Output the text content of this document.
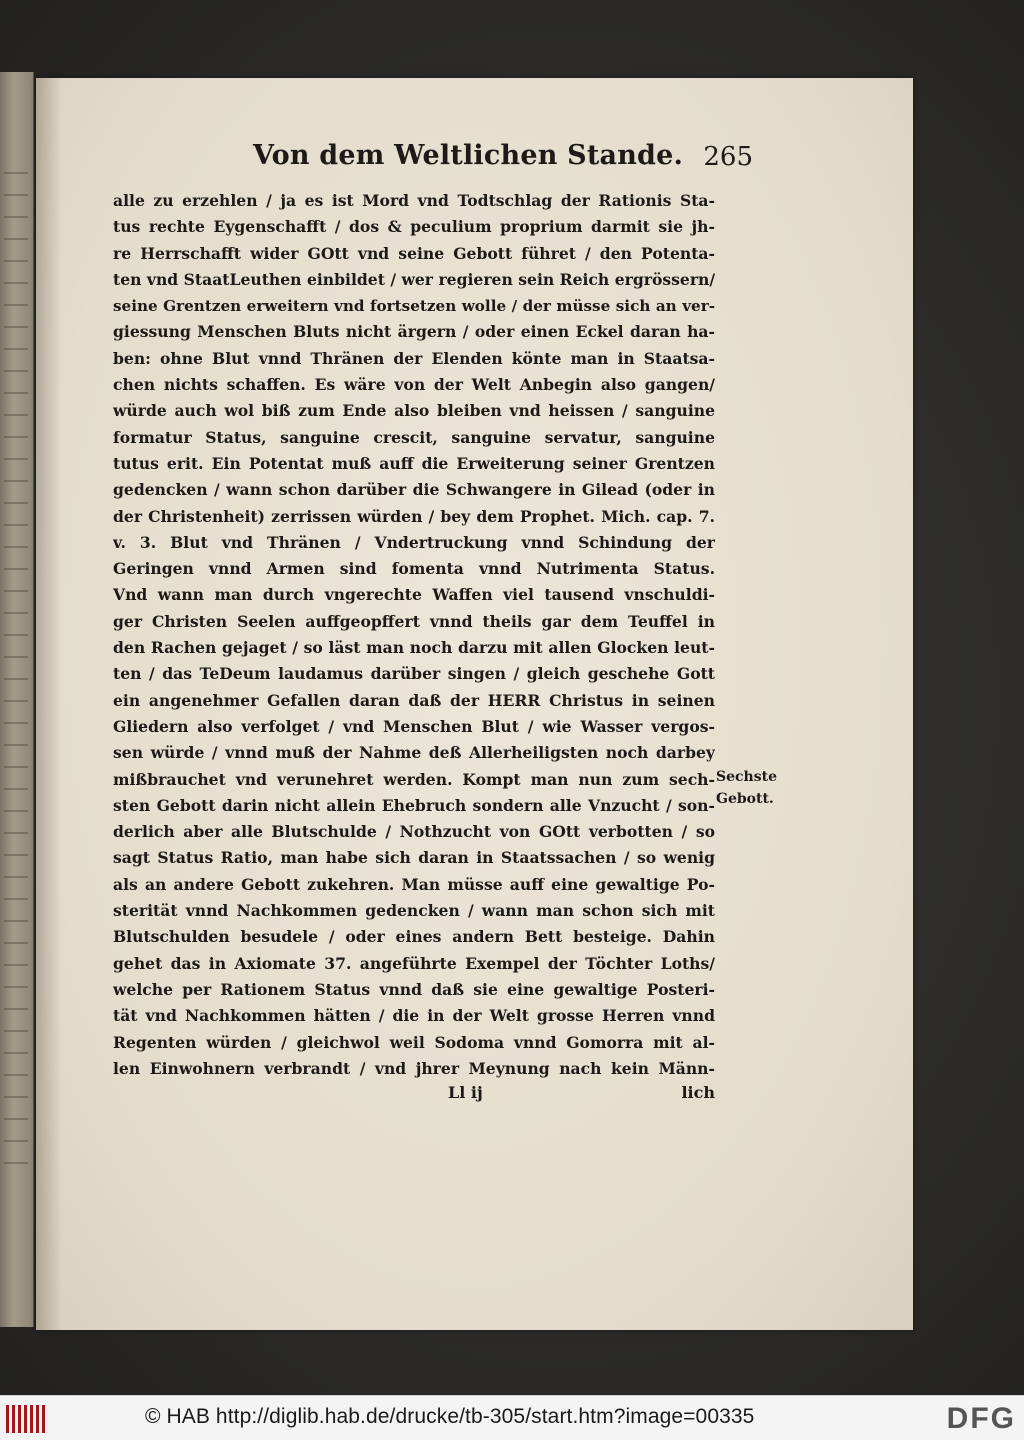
Von dem Weltlichen Stande. 265
alle zu erzehlen / ja es ist Mord vnd Todtschlag der Rationis Sta-
tus rechte Eygenschafft / dos & peculium proprium darmit sie jh-
re Herrschafft wider GOtt vnd seine Gebott führet / den Potenta-
ten vnd StaatLeuthen einbildet / wer regieren sein Reich ergrössern/
seine Grentzen erweitern vnd fortsetzen wolle / der müsse sich an ver-
giessung Menschen Bluts nicht ärgern / oder einen Eckel daran ha-
ben: ohne Blut vnnd Thränen der Elenden könte man in Staatsa-
chen nichts schaffen. Es wäre von der Welt Anbegin also gangen/
würde auch wol biß zum Ende also bleiben vnd heissen / sanguine
formatur Status, sanguine crescit, sanguine servatur, sanguine
tutus erit. Ein Potentat muß auff die Erweiterung seiner Grentzen
gedencken / wann schon darüber die Schwangere in Gilead (oder in
der Christenheit) zerrissen würden / bey dem Prophet. Mich. cap. 7.
v. 3. Blut vnd Thränen / Vndertruckung vnnd Schindung der
Geringen vnnd Armen sind fomenta vnnd Nutrimenta Status.
Vnd wann man durch vngerechte Waffen viel tausend vnschuldi-
ger Christen Seelen auffgeopffert vnnd theils gar dem Teuffel in
den Rachen gejaget / so läst man noch darzu mit allen Glocken leut-
ten / das TeDeum laudamus darüber singen / gleich geschehe Gott
ein angenehmer Gefallen daran daß der HERR Christus in seinen
Gliedern also verfolget / vnd Menschen Blut / wie Wasser vergos-
sen würde / vnnd muß der Nahme deß Allerheiligsten noch darbey
mißbrauchet vnd verunehret werden. Kompt man nun zum sech-
sten Gebott darin nicht allein Ehebruch sondern alle Vnzucht / son-
derlich aber alle Blutschulde / Nothzucht von GOtt verbotten / so
sagt Status Ratio, man habe sich daran in Staatssachen / so wenig
als an andere Gebott zukehren. Man müsse auff eine gewaltige Po-
sterität vnnd Nachkommen gedencken / wann man schon sich mit
Blutschulden besudele / oder eines andern Bett besteige. Dahin
gehet das in Axiomate 37. angeführte Exempel der Töchter Loths/
welche per Rationem Status vnnd daß sie eine gewaltige Posteri-
tät vnd Nachkommen hätten / die in der Welt grosse Herren vnnd
Regenten würden / gleichwol weil Sodoma vnnd Gomorra mit al-
len Einwohnern verbrandt / vnd jhrer Meynung nach kein Männ-
Sechste
Gebott.
Ll ij	lich
© HAB http://diglib.hab.de/drucke/tb-305/start.htm?image=00335	DFG
